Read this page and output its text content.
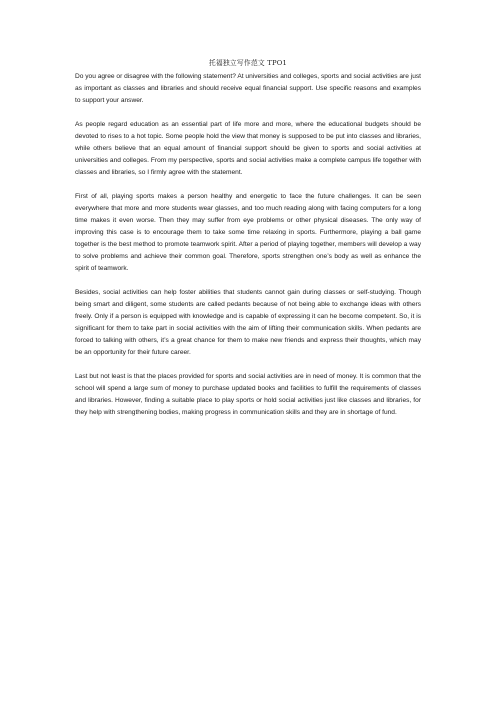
托福独立写作范文 TPO1
Do you agree or disagree with the following statement? At universities and colleges, sports and social activities are just as important as classes and libraries and should receive equal financial support. Use specific reasons and examples to support your answer.
As people regard education as an essential part of life more and more, where the educational budgets should be devoted to rises to a hot topic. Some people hold the view that money is supposed to be put into classes and libraries, while others believe that an equal amount of financial support should be given to sports and social activities at universities and colleges. From my perspective, sports and social activities make a complete campus life together with classes and libraries, so I firmly agree with the statement.
First of all, playing sports makes a person healthy and energetic to face the future challenges. It can be seen everywhere that more and more students wear glasses, and too much reading along with facing computers for a long time makes it even worse. Then they may suffer from eye problems or other physical diseases. The only way of improving this case is to encourage them to take some time relaxing in sports. Furthermore, playing a ball game together is the best method to promote teamwork spirit. After a period of playing together, members will develop a way to solve problems and achieve their common goal. Therefore, sports strengthen one’s body as well as enhance the spirit of teamwork.
Besides, social activities can help foster abilities that students cannot gain during classes or self-studying. Though being smart and diligent, some students are called pedants because of not being able to exchange ideas with others freely. Only if a person is equipped with knowledge and is capable of expressing it can he become competent. So, it is significant for them to take part in social activities with the aim of lifting their communication skills. When pedants are forced to talking with others, it’s a great chance for them to make new friends and express their thoughts, which may be an opportunity for their future career.
Last but not least is that the places provided for sports and social activities are in need of money. It is common that the school will spend a large sum of money to purchase updated books and facilities to fulfill the requirements of classes and libraries. However, finding a suitable place to play sports or hold social activities just like classes and libraries, for they help with strengthening bodies, making progress in communication skills and they are in shortage of fund.
